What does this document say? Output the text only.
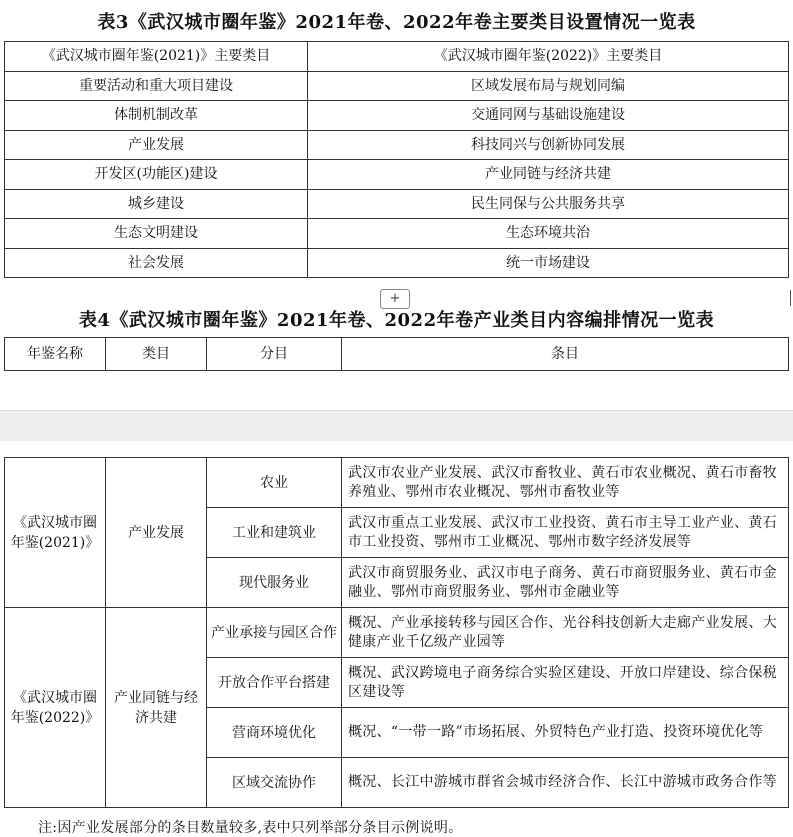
表3《武汉城市圈年鉴》2021年卷、2022年卷主要类目设置情况一览表
《武汉城市圈年鉴(2021)》主要类目	《武汉城市圈年鉴(2022)》主要类目
重要活动和重大项目建设	区域发展布局与规划同编
体制机制改革	交通同网与基础设施建设
产业发展	科技同兴与创新协同发展
开发区(功能区)建设	产业同链与经济共建
城乡建设	民生同保与公共服务共享
生态文明建设	生态环境共治
社会发展	统一市场建设
+
表4《武汉城市圈年鉴》2021年卷、2022年卷产业类目内容编排情况一览表
年鉴名称	类目	分目	条目
《武汉城市圈年鉴(2021)》	产业发展	农业	武汉市农业产业发展、武汉市畜牧业、黄石市农业概况、黄石市畜牧养殖业、鄂州市农业概况、鄂州市畜牧业等
		工业和建筑业	武汉市重点工业发展、武汉市工业投资、黄石市主导工业产业、黄石市工业投资、鄂州市工业概况、鄂州市数字经济发展等
		现代服务业	武汉市商贸服务业、武汉市电子商务、黄石市商贸服务业、黄石市金融业、鄂州市商贸服务业、鄂州市金融业等
《武汉城市圈年鉴(2022)》	产业同链与经济共建	产业承接与园区合作	概况、产业承接转移与园区合作、光谷科技创新大走廊产业发展、大健康产业千亿级产业园等
		开放合作平台搭建	概况、武汉跨境电子商务综合实验区建设、开放口岸建设、综合保税区建设等
		营商环境优化	概况、“一带一路”市场拓展、外贸特色产业打造、投资环境优化等
		区域交流协作	概况、长江中游城市群省会城市经济合作、长江中游城市政务合作等
注:因产业发展部分的条目数量较多,表中只列举部分条目示例说明。
